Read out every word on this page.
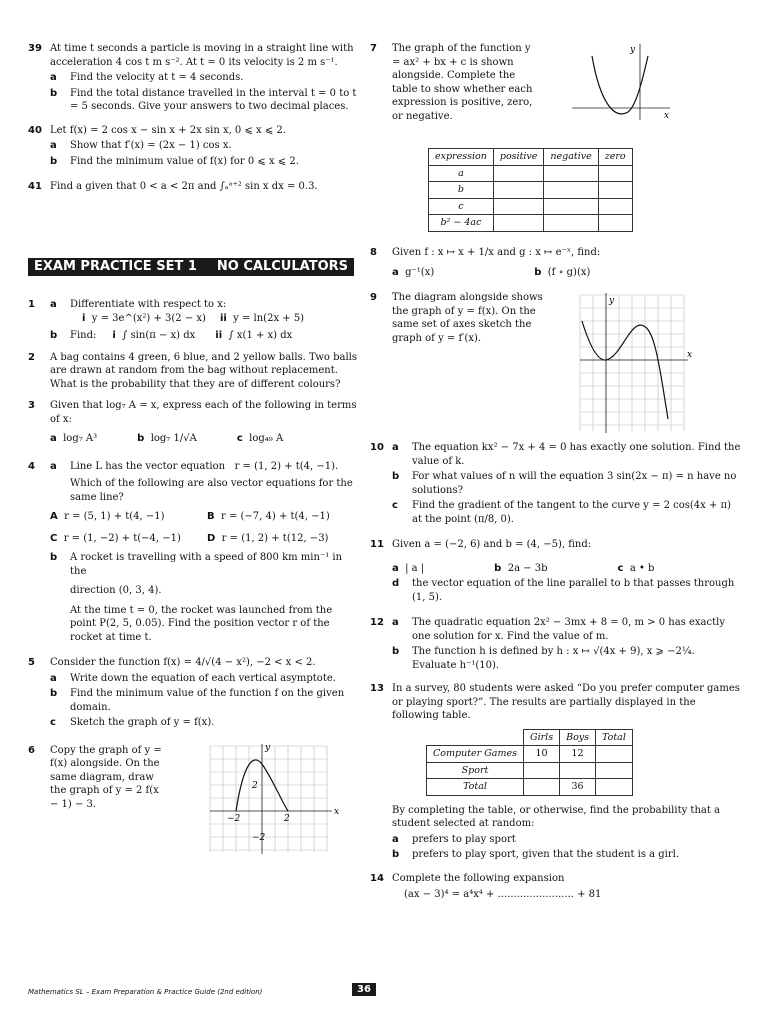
39 At time t seconds a particle is moving in a straight line with acceleration 4 cos t m s⁻². At t = 0 its velocity is 2 m s⁻¹.
a	Find the velocity at t = 4 seconds.
b	Find the total distance travelled in the interval t = 0 to t = 5 seconds. Give your answers to two decimal places.
40 Let f(x) = 2 cos x − sin x + 2x sin x, 0 ⩽ x ⩽ 2.
a	Show that f′(x) = (2x − 1) cos x.
b	Find the minimum value of f(x) for 0 ⩽ x ⩽ 2.
41 Find a given that 0 < a < 2π and ∫ₐᵃ⁺² sin x dx = 0.3.
EXAM PRACTICE SET 1 NO CALCULATORS
1 a	Differentiate with respect to x:
i y = 3e^(x²) + 3(2 − x) ii y = ln(2x + 5)
b	Find: i ∫ sin(π − x) dx ii ∫ x(1 + x) dx
2 A bag contains 4 green, 6 blue, and 2 yellow balls. Two balls are drawn at random from the bag without replacement. What is the probability that they are of different colours?
3 Given that log₇ A = x, express each of the following in terms of x:
a log₇ A³	b log₇ 1/√A	c log₄₉ A
4 a	Line L has the vector equation r = (1, 2) + t(4, −1).
Which of the following are also vector equations for the same line?
A r = (5, 1) + t(4, −1)	B r = (−7, 4) + t(4, −1)
C r = (1, −2) + t(−4, −1)	D r = (1, 2) + t(12, −3)
b	A rocket is travelling with a speed of 800 km min⁻¹ in the
direction (0, 3, 4).
At the time t = 0, the rocket was launched from the point P(2, 5, 0.05). Find the position vector r of the rocket at time t.
5 Consider the function f(x) = 4/√(4 − x²), −2 < x < 2.
a	Write down the equation of each vertical asymptote.
b	Find the minimum value of the function f on the given domain.
c	Sketch the graph of y = f(x).
6 Copy the graph of y = f(x) alongside. On the same diagram, draw the graph of y = 2 f(x − 1) − 3.
y
x
2
−2
2
−2
7 The graph of the function y = ax² + bx + c is shown alongside. Complete the table to show whether each expression is positive, zero, or negative.
y
x
expression	positive	negative	zero
a			
b			
c			
b² − 4ac			
8 Given f : x ↦ x + 1/x and g : x ↦ e⁻ˣ, find:
a g⁻¹(x)	b (f ∘ g)(x)
9 The diagram alongside shows the graph of y = f(x). On the same set of axes sketch the graph of y = f′(x).
y
x
10 a	The equation kx² − 7x + 4 = 0 has exactly one solution. Find the value of k.
b	For what values of n will the equation 3 sin(2x − π) = n have no solutions?
c	Find the gradient of the tangent to the curve y = 2 cos(4x + π) at the point (π/8, 0).
11 Given a = (−2, 6) and b = (4, −5), find:
a | a |	b 2a − 3b	c a • b
d	the vector equation of the line parallel to b that passes through (1, 5).
12 a	The quadratic equation 2x² − 3mx + 8 = 0, m > 0 has exactly one solution for x. Find the value of m.
b	The function h is defined by h : x ↦ √(4x + 9), x ⩾ −2¼. Evaluate h⁻¹(10).
13 In a survey, 80 students were asked “Do you prefer computer games or playing sport?”. The results are partially displayed in the following table.
	Girls	Boys	Total
Computer Games	10	12	
Sport			
Total		36	
By completing the table, or otherwise, find the probability that a student selected at random:
a	prefers to play sport
b	prefers to play sport, given that the student is a girl.
14 Complete the following expansion
(ax − 3)⁴ = a⁴x⁴ + ........................ + 81
Mathematics SL – Exam Preparation & Practice Guide (2nd edition)	36
